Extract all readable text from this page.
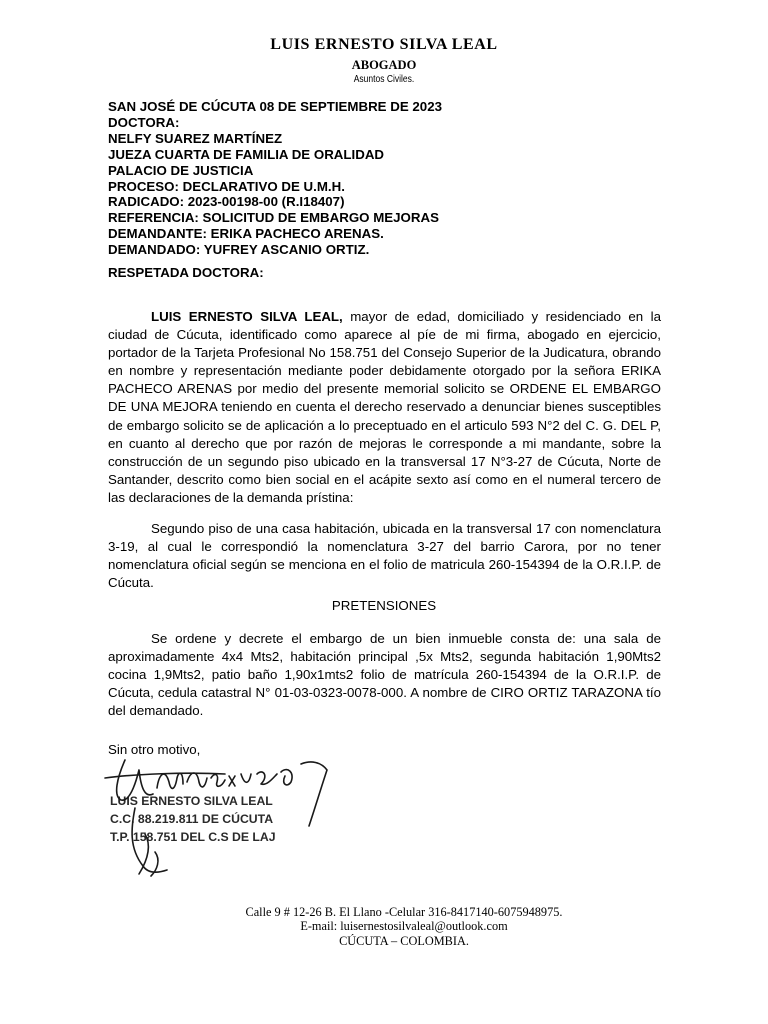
LUIS ERNESTO SILVA LEAL
ABOGADO
Asuntos Civiles.
SAN JOSÉ DE CÚCUTA 08 DE SEPTIEMBRE DE 2023
DOCTORA:
NELFY SUAREZ MARTÍNEZ
JUEZA CUARTA DE FAMILIA DE ORALIDAD
PALACIO DE JUSTICIA
PROCESO: DECLARATIVO DE U.M.H.
RADICADO: 2023-00198-00 (R.I18407)
REFERENCIA: SOLICITUD DE EMBARGO MEJORAS
DEMANDANTE: ERIKA PACHECO ARENAS.
DEMANDADO: YUFREY ASCANIO ORTIZ.
RESPETADA DOCTORA:
LUIS ERNESTO SILVA LEAL, mayor de edad, domiciliado y residenciado en la ciudad de Cúcuta, identificado como aparece al píe de mi firma, abogado en ejercicio, portador de la Tarjeta Profesional No 158.751 del Consejo Superior de la Judicatura, obrando en nombre y representación mediante poder debidamente otorgado por la señora ERIKA PACHECO ARENAS por medio del presente memorial solicito se ORDENE EL EMBARGO DE UNA MEJORA teniendo en cuenta el derecho reservado a denunciar bienes susceptibles de embargo solicito se de aplicación a lo preceptuado en el articulo 593 N°2 del C. G. DEL P, en cuanto al derecho que por razón de mejoras le corresponde a mi mandante, sobre la construcción de un segundo piso ubicado en la transversal 17 N°3-27 de Cúcuta, Norte de Santander, descrito como bien social en el acápite sexto así como en el numeral tercero de las declaraciones de la demanda prístina:
Segundo piso de una casa habitación, ubicada en la transversal 17 con nomenclatura 3-19, al cual le correspondió la nomenclatura 3-27 del barrio Carora, por no tener nomenclatura oficial según se menciona en el folio de matricula 260-154394 de la O.R.I.P. de Cúcuta.
PRETENSIONES
Se ordene y decrete el embargo de un bien inmueble consta de: una sala de aproximadamente 4x4 Mts2, habitación principal ,5x Mts2, segunda habitación 1,90Mts2 cocina 1,9Mts2, patio baño 1,90x1mts2 folio de matrícula 260-154394 de la O.R.I.P. de Cúcuta, cedula catastral N° 01-03-0323-0078-000. A nombre de CIRO ORTIZ TARAZONA tío del demandado.
Sin otro motivo,
LUIS ERNESTO SILVA LEAL
C.C. 88.219.811 DE CÚCUTA
T.P. 158.751 DEL C.S DE LAJ
Calle 9 # 12-26 B. El Llano -Celular 316-8417140-6075948975.
E-mail: luisernestosilvaleal@outlook.com
CÚCUTA – COLOMBIA.
